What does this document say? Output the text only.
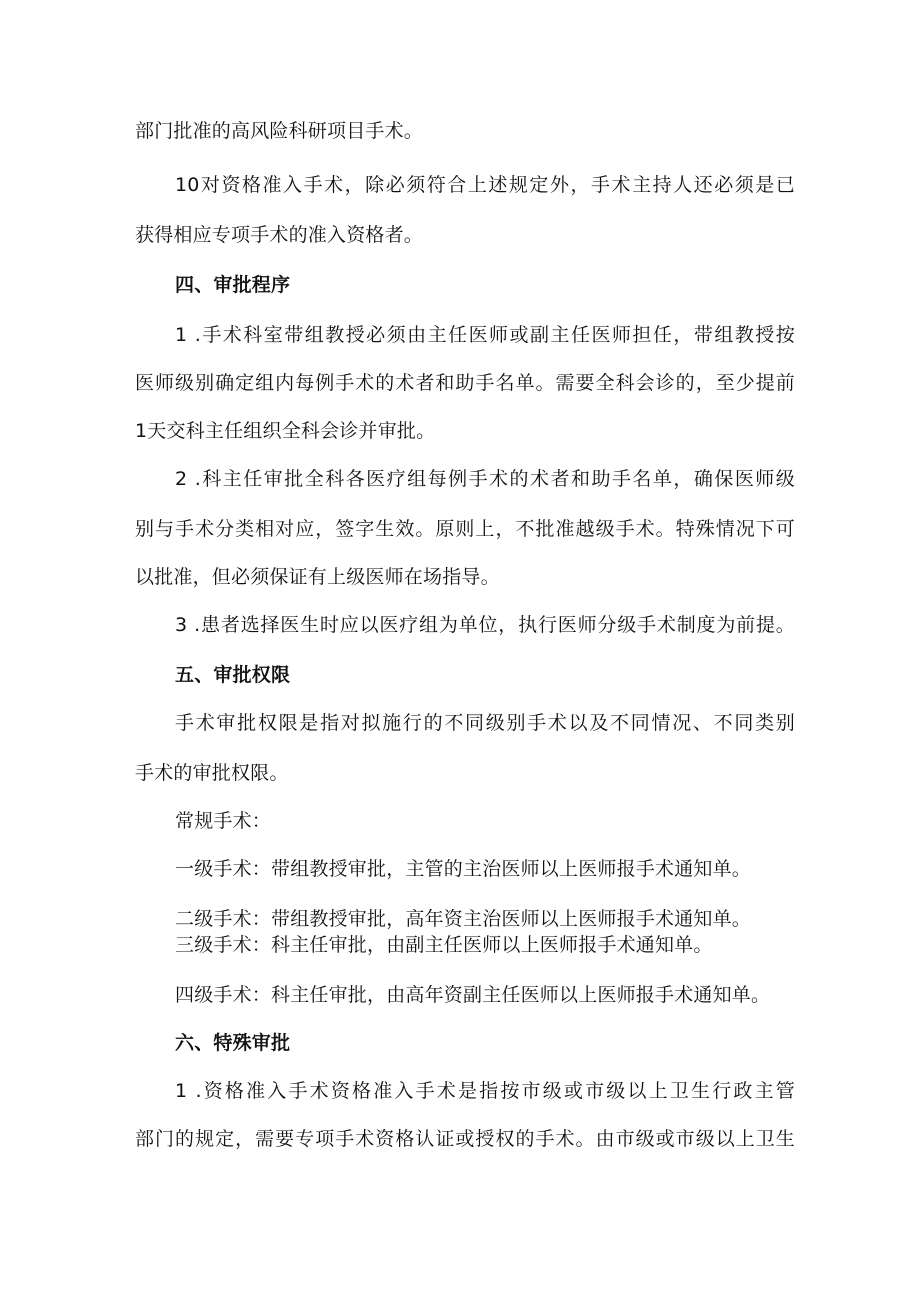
部门批准的高风险科研项目手术。
10对资格准入手术，除必须符合上述规定外，手术主持人还必须是已
获得相应专项手术的准入资格者。
四、审批程序
1 .手术科室带组教授必须由主任医师或副主任医师担任，带组教授按
医师级别确定组内每例手术的术者和助手名单。需要全科会诊的，至少提前
1天交科主任组织全科会诊并审批。
2 .科主任审批全科各医疗组每例手术的术者和助手名单，确保医师级
别与手术分类相对应，签字生效。原则上，不批准越级手术。特殊情况下可
以批准，但必须保证有上级医师在场指导。
3 .患者选择医生时应以医疗组为单位，执行医师分级手术制度为前提。
五、审批权限
手术审批权限是指对拟施行的不同级别手术以及不同情况、不同类别
手术的审批权限。
常规手术：
一级手术：带组教授审批，主管的主治医师以上医师报手术通知单。
二级手术：带组教授审批，高年资主治医师以上医师报手术通知单。
三级手术：科主任审批，由副主任医师以上医师报手术通知单。
四级手术：科主任审批，由高年资副主任医师以上医师报手术通知单。
六、特殊审批
1 .资格准入手术资格准入手术是指按市级或市级以上卫生行政主管
部门的规定，需要专项手术资格认证或授权的手术。由市级或市级以上卫生
